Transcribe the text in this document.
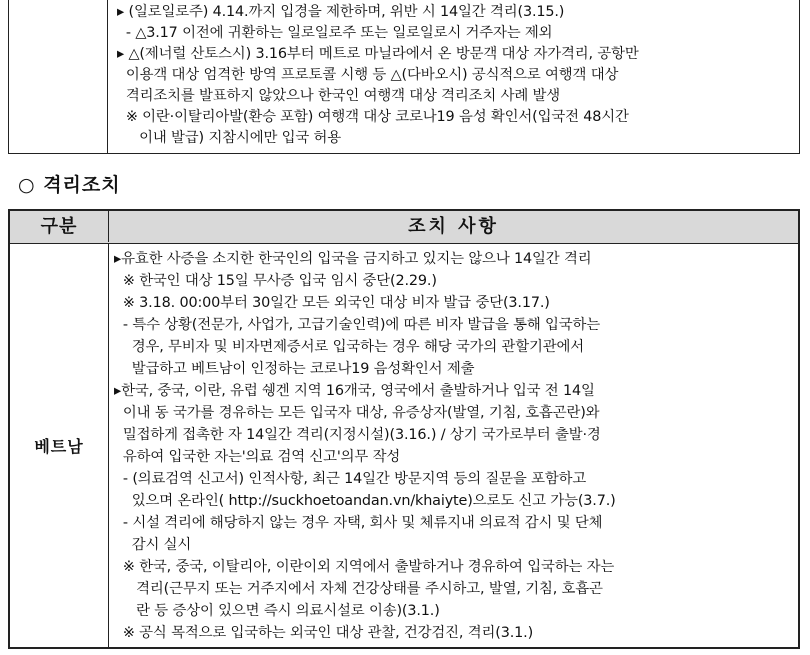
▸ (일로일로주) 4.14.까지 입경을 제한하며, 위반 시 14일간 격리(3.15.)
- △3.17 이전에 귀환하는 일로일로주 또는 일로일로시 거주자는 제외
▸ △(제너럴 산토스시) 3.16부터 메트로 마닐라에서 온 방문객 대상 자가격리, 공항만
이용객 대상 엄격한 방역 프로토콜 시행 등 △(다바오시) 공식적으로 여행객 대상
격리조치를 발표하지 않았으나 한국인 여행객 대상 격리조치 사례 발생
※ 이란·이탈리아발(환승 포함) 여행객 대상 코로나19 음성 확인서(입국전 48시간
이내 발급) 지참시에만 입국 허용
○ 격리조치
구분	조치 사항
베트남
▸유효한 사증을 소지한 한국인의 입국을 금지하고 있지는 않으나 14일간 격리
※ 한국인 대상 15일 무사증 입국 임시 중단(2.29.)
※ 3.18. 00:00부터 30일간 모든 외국인 대상 비자 발급 중단(3.17.)
- 특수 상황(전문가, 사업가, 고급기술인력)에 따른 비자 발급을 통해 입국하는
경우, 무비자 및 비자면제증서로 입국하는 경우 해당 국가의 관할기관에서
발급하고 베트남이 인정하는 코로나19 음성확인서 제출
▸한국, 중국, 이란, 유럽 쉥겐 지역 16개국, 영국에서 출발하거나 입국 전 14일
이내 동 국가를 경유하는 모든 입국자 대상, 유증상자(발열, 기침, 호흡곤란)와
밀접하게 접촉한 자 14일간 격리(지정시설)(3.16.) / 상기 국가로부터 출발·경
유하여 입국한 자는'의료 검역 신고'의무 작성
- (의료검역 신고서) 인적사항, 최근 14일간 방문지역 등의 질문을 포함하고
있으며 온라인( http://suckhoetoandan.vn/khaiyte)으로도 신고 가능(3.7.)
- 시설 격리에 해당하지 않는 경우 자택, 회사 및 체류지내 의료적 감시 및 단체
감시 실시
※ 한국, 중국, 이탈리아, 이란이외 지역에서 출발하거나 경유하여 입국하는 자는
격리(근무지 또는 거주지에서 자체 건강상태를 주시하고, 발열, 기침, 호흡곤
란 등 증상이 있으면 즉시 의료시설로 이송)(3.1.)
※ 공식 목적으로 입국하는 외국인 대상 관찰, 건강검진, 격리(3.1.)
